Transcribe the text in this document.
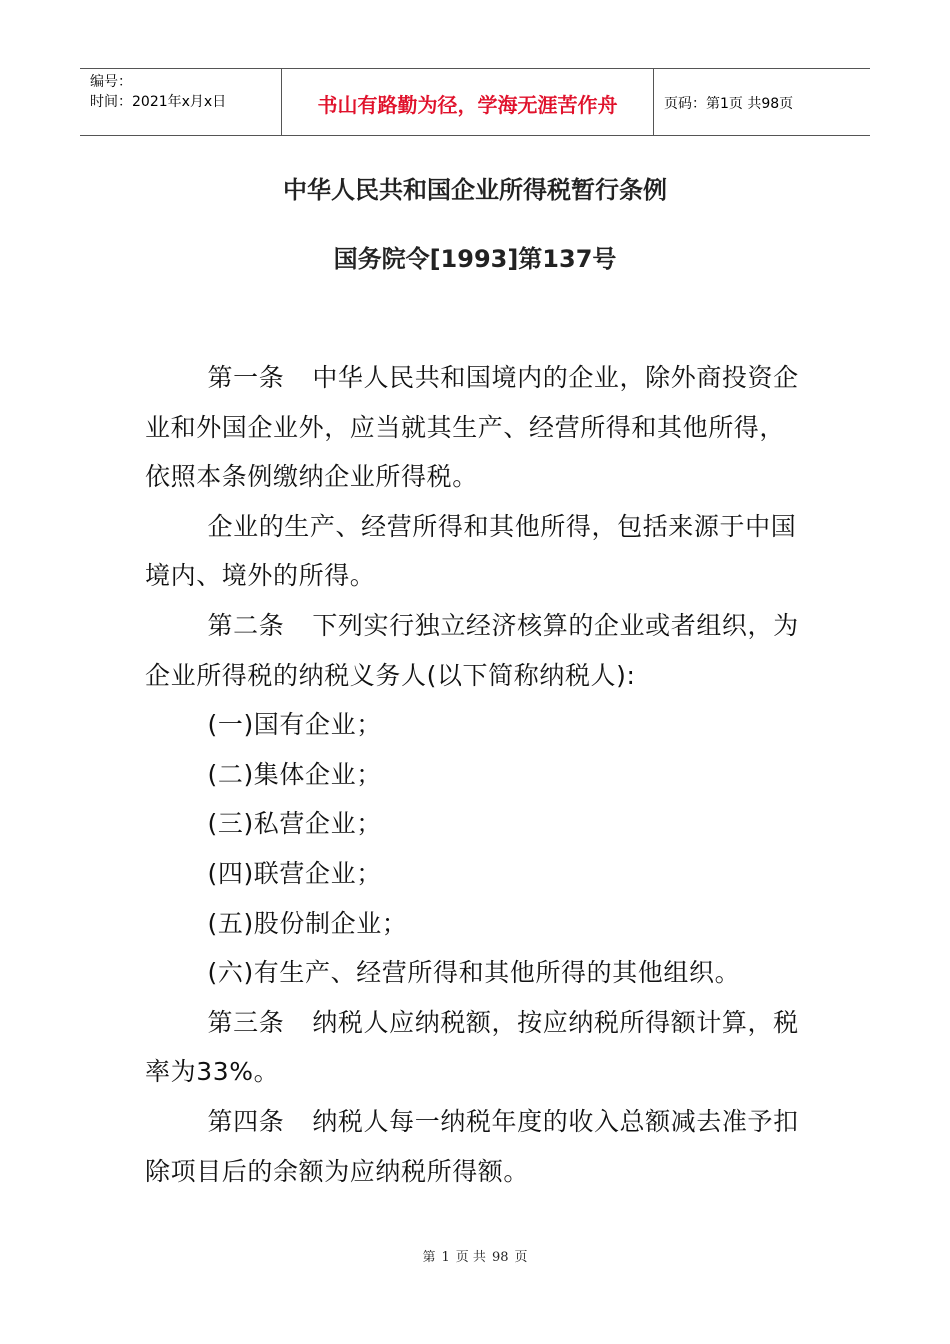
编号：
时间：2021年x月x日	书山有路勤为径，学海无涯苦作舟	页码：第1页 共98页
中华人民共和国企业所得税暂行条例
国务院令[1993]第137号

第一条 中华人民共和国境内的企业，除外商投资企业和外国企业外，应当就其生产、经营所得和其他所得，依照本条例缴纳企业所得税。

企业的生产、经营所得和其他所得，包括来源于中国境内、境外的所得。

第二条 下列实行独立经济核算的企业或者组织，为企业所得税的纳税义务人(以下简称纳税人):

(一)国有企业；

(二)集体企业；

(三)私营企业；

(四)联营企业；

(五)股份制企业；

(六)有生产、经营所得和其他所得的其他组织。

第三条 纳税人应纳税额，按应纳税所得额计算，税率为33%。

第四条 纳税人每一纳税年度的收入总额减去准予扣除项目后的余额为应纳税所得额。

第 1 页 共 98 页
